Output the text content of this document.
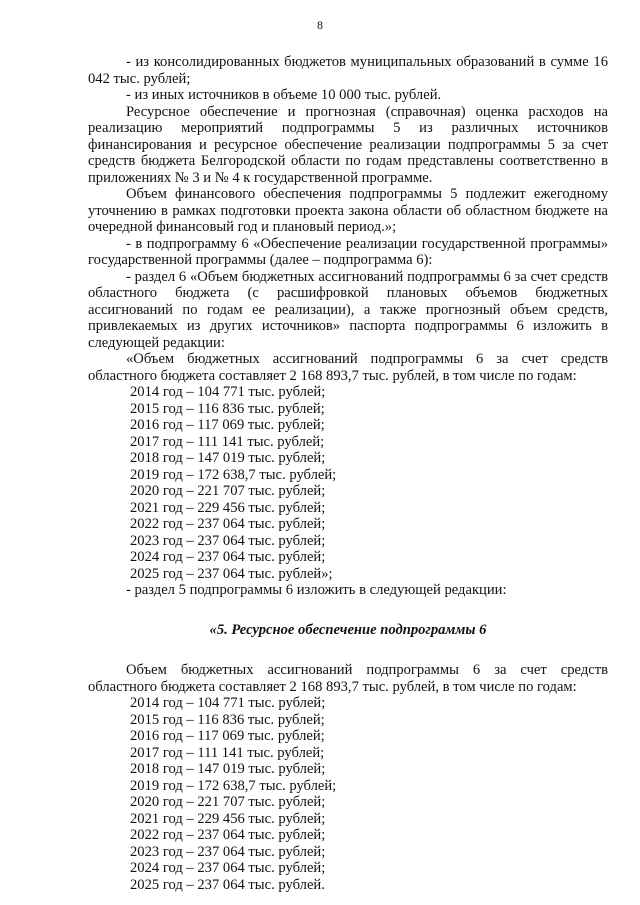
8

- из консолидированных бюджетов муниципальных образований в сумме 16 042 тыс. рублей;

- из иных источников в объеме 10 000 тыс. рублей.

Ресурсное обеспечение и прогнозная (справочная) оценка расходов на реализацию мероприятий подпрограммы 5 из различных источников финансирования и ресурсное обеспечение реализации подпрограммы 5 за счет средств бюджета Белгородской области по годам представлены соответственно в приложениях № 3 и № 4 к государственной программе.

Объем финансового обеспечения подпрограммы 5 подлежит ежегодному уточнению в рамках подготовки проекта закона области об областном бюджете на очередной финансовый год и плановый период.»;

- в подпрограмму 6 «Обеспечение реализации государственной программы» государственной программы (далее – подпрограмма 6):

- раздел 6 «Объем бюджетных ассигнований подпрограммы 6 за счет средств областного бюджета (с расшифровкой плановых объемов бюджетных ассигнований по годам ее реализации), а также прогнозный объем средств, привлекаемых из других источников» паспорта подпрограммы 6 изложить в следующей редакции:

«Объем бюджетных ассигнований подпрограммы 6 за счет средств областного бюджета составляет 2 168 893,7 тыс. рублей, в том числе по годам:

2014 год – 104 771 тыс. рублей;
2015 год – 116 836 тыс. рублей;
2016 год – 117 069 тыс. рублей;
2017 год – 111 141 тыс. рублей;
2018 год – 147 019 тыс. рублей;
2019 год – 172 638,7 тыс. рублей;
2020 год – 221 707 тыс. рублей;
2021 год – 229 456 тыс. рублей;
2022 год – 237 064 тыс. рублей;
2023 год – 237 064 тыс. рублей;
2024 год – 237 064 тыс. рублей;
2025 год – 237 064 тыс. рублей»;

- раздел 5 подпрограммы 6 изложить в следующей редакции:

«5. Ресурсное обеспечение подпрограммы 6

Объем бюджетных ассигнований подпрограммы 6 за счет средств областного бюджета составляет 2 168 893,7 тыс. рублей, в том числе по годам:

2014 год – 104 771 тыс. рублей;
2015 год – 116 836 тыс. рублей;
2016 год – 117 069 тыс. рублей;
2017 год – 111 141 тыс. рублей;
2018 год – 147 019 тыс. рублей;
2019 год – 172 638,7 тыс. рублей;
2020 год – 221 707 тыс. рублей;
2021 год – 229 456 тыс. рублей;
2022 год – 237 064 тыс. рублей;
2023 год – 237 064 тыс. рублей;
2024 год – 237 064 тыс. рублей;
2025 год – 237 064 тыс. рублей.
